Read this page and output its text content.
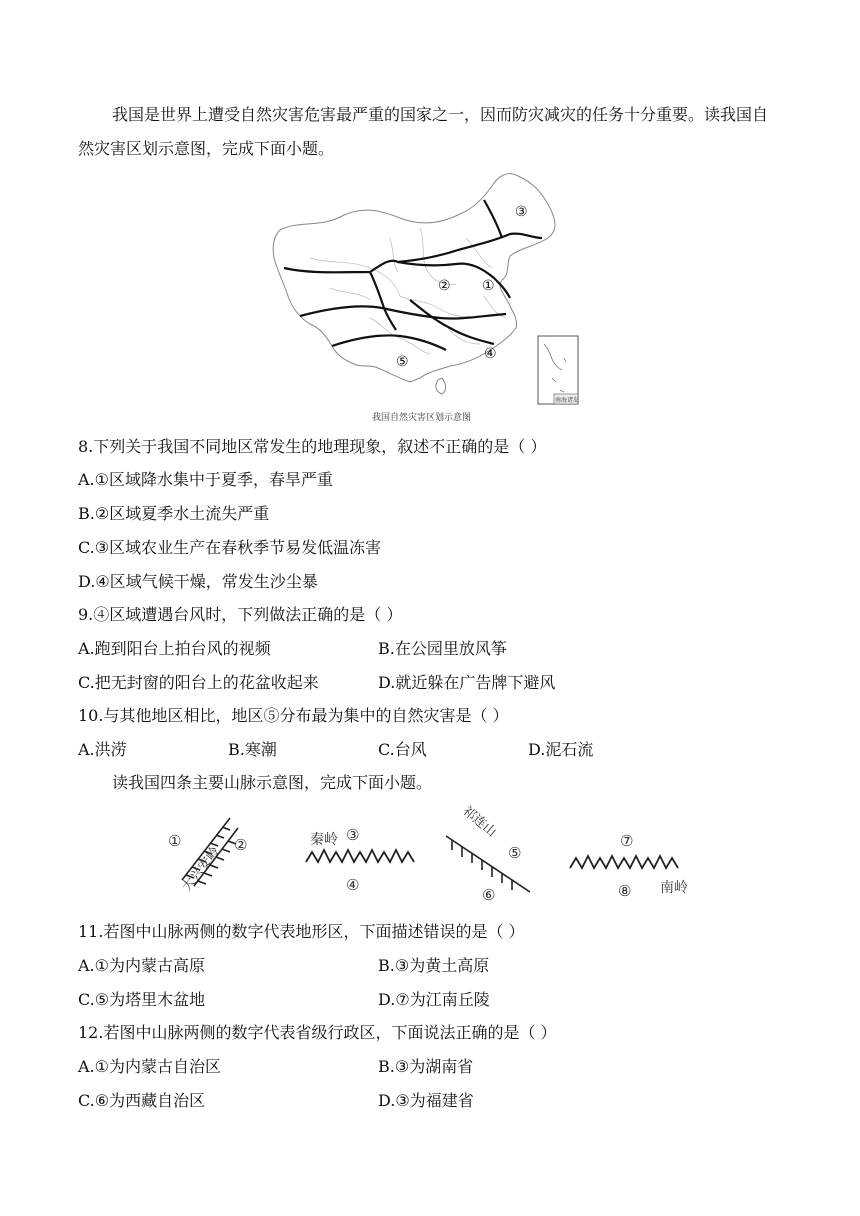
我国是世界上遭受自然灾害危害最严重的国家之一，因而防灾减灾的任务十分重要。读我国自然灾害区划示意图，完成下面小题。
③
② ①
④
⑤
南海诸岛
我国自然灾害区划示意图
8.下列关于我国不同地区常发生的地理现象，叙述不正确的是（ ）
A.①区域降水集中于夏季，春旱严重
B.②区域夏季水土流失严重
C.③区域农业生产在春秋季节易发低温冻害
D.④区域气候干燥，常发生沙尘暴
9.④区域遭遇台风时，下列做法正确的是（ ）
A.跑到阳台上拍台风的视频	B.在公园里放风筝
C.把无封窗的阳台上的花盆收起来	D.就近躲在广告牌下避风
10.与其他地区相比，地区⑤分布最为集中的自然灾害是（ ）
A.洪涝	B.寒潮	C.台风	D.泥石流
读我国四条主要山脉示意图，完成下面小题。
①	②
大兴安岭
秦岭 ③
④
祁连山
⑤
⑥
⑦
⑧ 南岭
11.若图中山脉两侧的数字代表地形区，下面描述错误的是（ ）
A.①为内蒙古高原	B.③为黄土高原
C.⑤为塔里木盆地	D.⑦为江南丘陵
12.若图中山脉两侧的数字代表省级行政区，下面说法正确的是（ ）
A.①为内蒙古自治区	B.③为湖南省
C.⑥为西藏自治区	D.③为福建省
